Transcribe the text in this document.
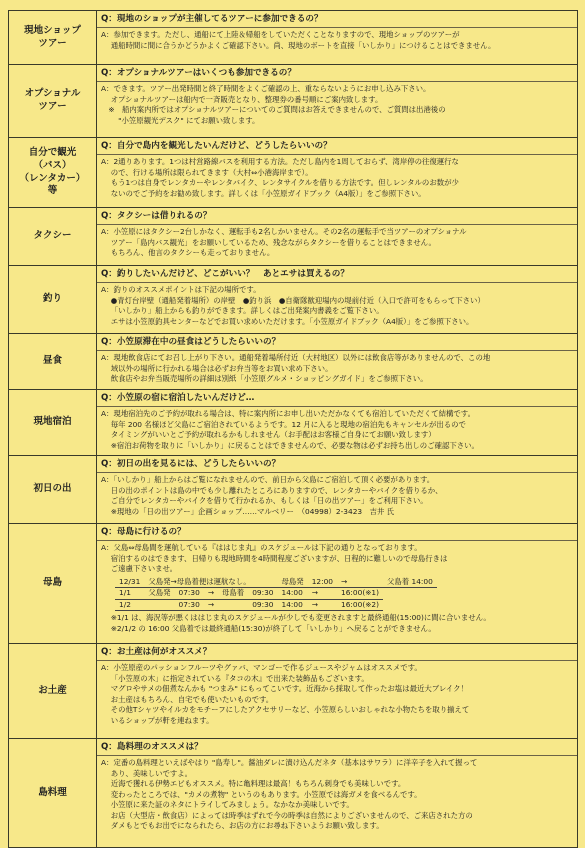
現地ショップ
ツアー
Q：現地のショップが主催してるツアーに参加できるの？
A：参加できます。ただし、通船にて上陸＆帰船をしていただくことなりますので、現地ショップのツアーが
　 通船時間に間に合うかどうかよくご確認下さい。尚、現地のボートを直接「いしかり」につけることはできません。
オプショナル
ツアー
Q：オプショナルツアーはいくつも参加できるの？
A：できます。ツアー出発時間と終了時間をよくご確認の上、重ならないようにお申し込み下さい。
　 オプショナルツアーは船内で一斉販売となり、整理券の番号順にご案内致します。
　※　船内案内所ではオプショナルツアーについてのご質問はお答えできませんので、ご質問は出港後の
　　 "小笠原観光デスク" にてお願い致します。
自分で観光
（バス）
（レンタカー）
等
Q：自分で島内を観光したいんだけど、どうしたらいいの？
A：2通りあります。1つは村営路線バスを利用する方法。ただし島内を1周しておらず、湾岸停の往復運行な
　 ので、行ける場所は限られてきます（大村⇔小港海岸まで）。
　 もう1つは自身でレンタカーやレンタバイク、レンタサイクルを借りる方法です。但しレンタルのお数が少
　 ないのでご予約をお勧め致します。詳しくは「小笠原ガイドブック（A4版）」をご参照下さい。
タクシー
Q：タクシーは借りれるの？
A：小笠原にはタクシー2台しかなく、運転手も2名しかいません。その2名の運転手で当ツアーのオプショナル
　 ツアー「島内バス観光」をお願いしているため、残念ながらタクシーを借りることはできません。
　 もちろん、他言のタクシーも走っておりません。
釣り
Q：釣りしたいんだけど、どこがいい？　あとエサは買えるの？
A：釣りのオススメポイントは下記の場所です。
　 ●青灯台岸壁（通船発着場所）の岸壁　●釣り浜　●自衛隊歓迎場内の堤前付近（入口で許可をもらって下さい）
　 「いしかり」船上からも釣りができます。詳しくはご出発案内書義をご覧下さい。
　 エサは小笠原釣具センターなどでお買い求めいただけます。「小笠原ガイドブック（A4版）」をご参照下さい。
昼食
Q：小笠原滞在中の昼食はどうしたらいいの？
A：現地飲食店にてお召し上がり下さい。通船発着場所付近（大村地区）以外には飲食店等がありませんので、この地
　 域以外の場所に行かれる場合は必ずお弁当等をお買い求め下さい。
　 飲食店やお弁当販売場所の詳細は別紙「小笠原グルメ・ショッピングガイド」をご参照下さい。
現地宿泊
Q：小笠原の宿に宿泊したいんだけど…
A：現地宿泊先のご予約が取れる場合は、特に案内所にお申し出いただかなくても宿泊していただくて結構です。
　 毎年 200 名様ほど父島にご宿泊されているようです。12 月に入ると現地の宿泊先もキャンセルが出るので
　 タイミングがいいとご予約が取れるかもしれません（お手配はお客様ご自身にてお願い致します）
　 ※宿泊お荷物を取りに「いしかり」に戻ることはできませんので、必要な物は必ずお持ち出しのご確認下さい。
初日の出
Q：初日の出を見るには、どうしたらいいの？
A：「いしかり」船上からはご覧になれませんので、前日から父島にご宿泊して頂く必要があります。
　 日の出のポイントは島の中でも少し離れたところにありますので、レンタカーやバイクを借りるか、
　 ご自分でレンタカーやバイクを借りて行かれるか、もしくは「日の出ツアー」をご利用下さい。
　 ※現地の「日の出ツアー」企画ショップ……マルベリー　（04998）2-3423　吉井 氏
母島
Q：母島に行けるの？
A：父島⇔母島間を運航している『ははじま丸』のスケジュールは下記の通りとなっております。
　 宿泊するのはできます、日帰りも現地時間を4時間程度ございますが、日程的に難しいので母島行きは
　 ご遠慮下さいませ。
12/31	父島発→母島着便は運航なし。					母島発	12:00	→	父島着 14:00
1/1	父島発	07:30	→	母島着	09:30	14:00	→	16:00(※1)	
1/2		07:30	→		09:30	14:00	→	16:00(※2)	
　 ※1/1 は、海況等が悪くははじま丸のスケジュールが少しでも変更されますと最終通船(15:00)に間に合いません。
　 ※2/1/2 の 16:00 父島着では最終通船(15:30)が終了して「いしかり」へ戻ることができません。
お土産
Q：お土産は何がオススメ？
A：小笠原産のパッションフルーツやグァバ、マンゴーで作るジュースやジャムはオススメです。
　 「小笠原の木」に指定されている『タコの木』で出来た装飾品もございます。
　 マグロやサメの佃煮なんかも "つまみ" にもってこいです。近海から採取して作ったお塩は最近大ブレイク！
　 お土産はもちろん、自宅でも使いたいものです。
　 その他Tシャツやイルカをモチーフにしたアクセサリーなど、小笠原らしいおしゃれな小物たちを取り揃えて
　 いるショップが軒を連ねます。
島料理
Q：島料理のオススメは？
A：定番の島料理といえばやはり "島寿し"。醤油ダレに漬け込んだネタ（基本はサワラ）に洋辛子を入れて握って
　 あり、美味しいですよ。
　 近海で獲れる伊勢エビもオススメ。特に亀料理は最高！もちろん刺身でも美味しいです。
　 変わったところでは、"カメの煮物" というのもあります。小笠原では海ガメを食べるんです。
　 小笠原に来た証のネタにトライしてみましょう。なかなか美味しいです。
　 お店（大型店・飲食店）によっては時季はずれで今の時季は自然によりございませんので、ご来店された方の
　 ダメもとでもお出でになられたら、お店の方にお尋ね下さいようお願い致します。
